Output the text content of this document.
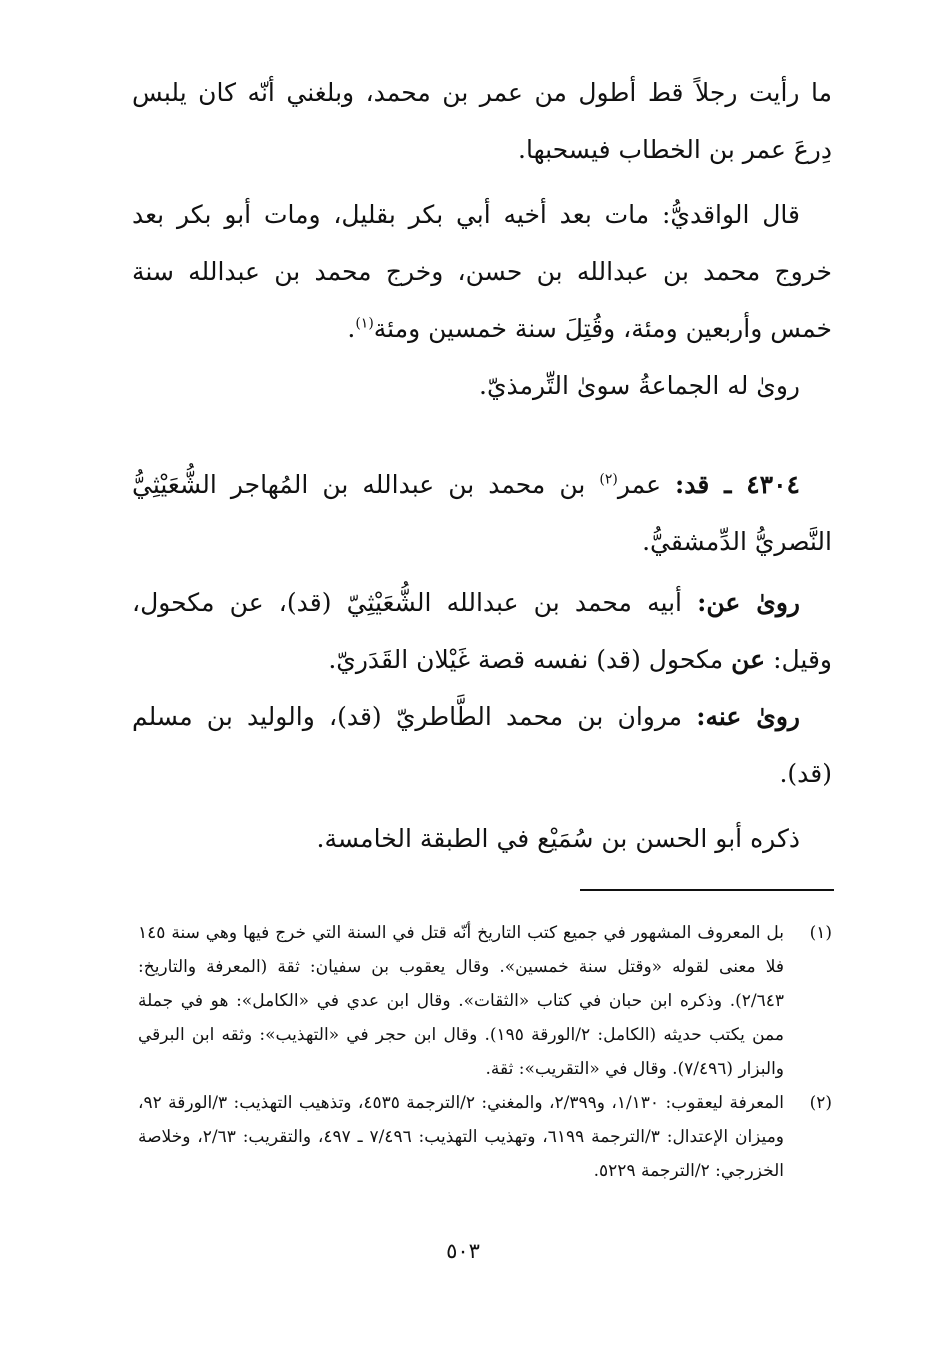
ما رأيت رجلاً قط أطول من عمر بن محمد، وبلغني أنّه كان يلبس دِرعَ عمر بن الخطاب فيسحبها.

قال الواقديُّ: مات بعد أخيه أبي بكر بقليل، ومات أبو بكر بعد خروج محمد بن عبدالله بن حسن، وخرج محمد بن عبدالله سنة خمس وأربعين ومئة، وقُتِلَ سنة خمسين ومئة$^{(١)}$.

روىٰ له الجماعةُ سوىٰ التِّرمذيّ.

٤٣٠٤ ـ قد: عمر$^{(٢)}$ بن محمد بن عبدالله بن المُهاجر الشُّعَيْثِيُّ النَّصريُّ الدِّمشقيُّ.

روىٰ عن: أبيه محمد بن عبدالله الشُّعَيْثِيّ (قد)، عن مكحول، وقيل: عن مكحول (قد) نفسه قصة غَيْلان القَدَريّ.

روىٰ عنه: مروان بن محمد الطَّاطريّ (قد)، والوليد بن مسلم (قد).

ذكره أبو الحسن بن سُمَيْع في الطبقة الخامسة.

(١)
بل المعروف المشهور في جميع كتب التاريخ أنّه قتل في السنة التي خرج فيها وهي سنة ١٤٥ فلا معنى لقوله «وقتل سنة خمسين». وقال يعقوب بن سفيان: ثقة (المعرفة والتاريخ: ٢/٦٤٣). وذكره ابن حبان في كتاب «الثقات». وقال ابن عدي في «الكامل»: هو في جملة ممن يكتب حديثه (الكامل: ٢/الورقة ١٩٥). وقال ابن حجر في «التهذيب»: وثقه ابن البرقي والبزار (٧/٤٩٦). وقال في «التقريب»: ثقة.

(٢)
المعرفة ليعقوب: ١/١٣٠، و٢/٣٩٩، والمغني: ٢/الترجمة ٤٥٣٥، وتذهيب التهذيب: ٣/الورقة ٩٢، وميزان الإعتدال: ٣/الترجمة ٦١٩٩، وتهذيب التهذيب: ٧/٤٩٦ ـ ٤٩٧، والتقريب: ٢/٦٣، وخلاصة الخزرجي: ٢/الترجمة ٥٢٢٩.

٥٠٣
